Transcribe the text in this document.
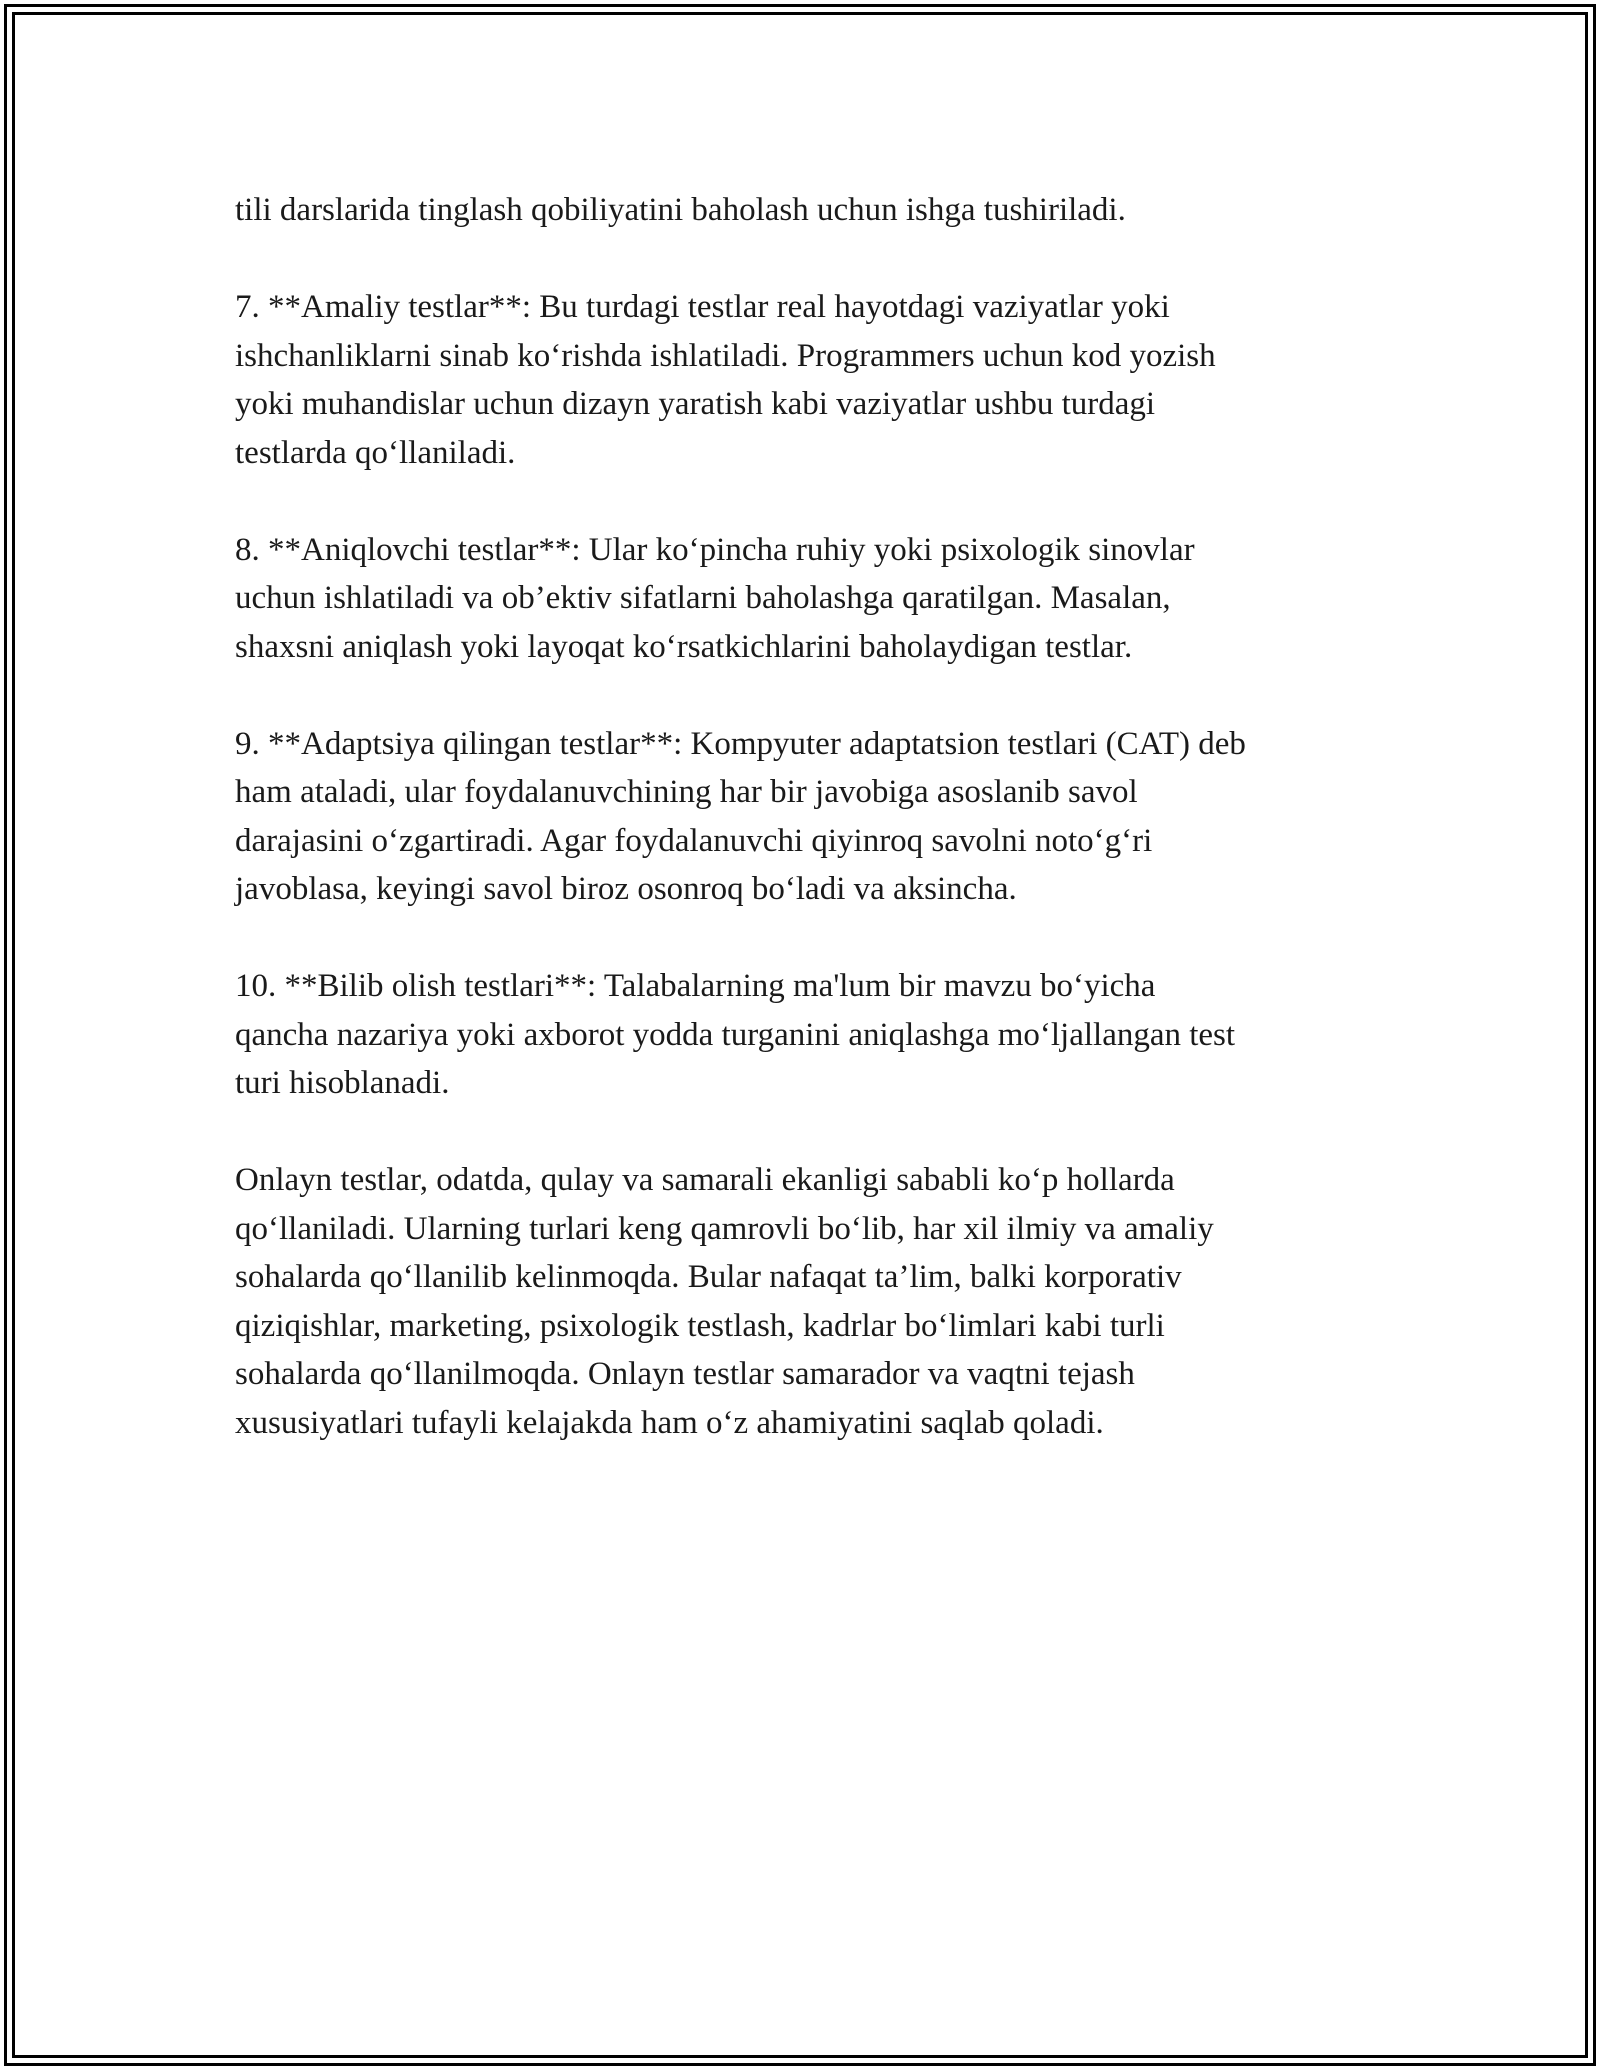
tili darslarida tinglash qobiliyatini baholash uchun ishga tushiriladi.

7. **Amaliy testlar**: Bu turdagi testlar real hayotdagi vaziyatlar yoki
ishchanliklarni sinab koʻrishda ishlatiladi. Programmers uchun kod yozish
yoki muhandislar uchun dizayn yaratish kabi vaziyatlar ushbu turdagi
testlarda qoʻllaniladi.

8. **Aniqlovchi testlar**: Ular koʻpincha ruhiy yoki psixologik sinovlar
uchun ishlatiladi va ob’ektiv sifatlarni baholashga qaratilgan. Masalan,
shaxsni aniqlash yoki layoqat koʻrsatkichlarini baholaydigan testlar.

9. **Adaptsiya qilingan testlar**: Kompyuter adaptatsion testlari (CAT) deb
ham ataladi, ular foydalanuvchining har bir javobiga asoslanib savol
darajasini oʻzgartiradi. Agar foydalanuvchi qiyinroq savolni notoʻgʻri
javoblasa, keyingi savol biroz osonroq boʻladi va aksincha.

10. **Bilib olish testlari**: Talabalarning ma'lum bir mavzu boʻyicha
qancha nazariya yoki axborot yodda turganini aniqlashga moʻljallangan test
turi hisoblanadi.

Onlayn testlar, odatda, qulay va samarali ekanligi sababli koʻp hollarda
qoʻllaniladi. Ularning turlari keng qamrovli boʻlib, har xil ilmiy va amaliy
sohalarda qoʻllanilib kelinmoqda. Bular nafaqat ta’lim, balki korporativ
qiziqishlar, marketing, psixologik testlash, kadrlar boʻlimlari kabi turli
sohalarda qoʻllanilmoqda. Onlayn testlar samarador va vaqtni tejash
xususiyatlari tufayli kelajakda ham oʻz ahamiyatini saqlab qoladi.
